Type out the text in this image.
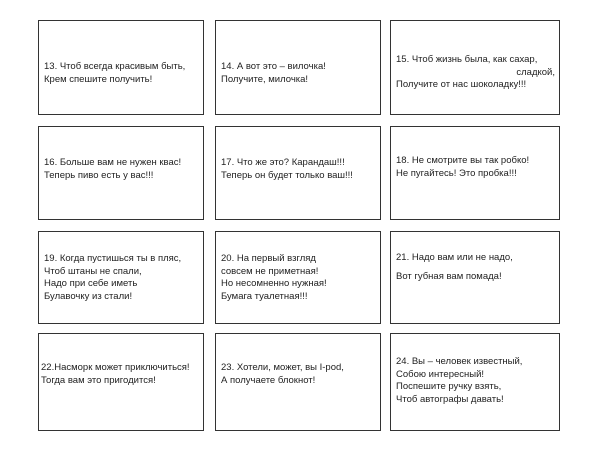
13. Чтоб всегда красивым быть,
Крем спешите получить!
14. А вот это – вилочка!
Получите, милочка!
15. Чтоб жизнь была, как сахар,
сладкой,
Получите от нас шоколадку!!!
16. Больше вам не нужен квас!
Теперь пиво есть у вас!!!
17. Что же это? Карандаш!!!
Теперь он будет только ваш!!!
18. Не смотрите вы так робко!
Не пугайтесь! Это пробка!!!
19. Когда пустишься ты в пляс,
Чтоб штаны не спали,
Надо при себе иметь
Булавочку из стали!
20. На первый взгляд
совсем не приметная!
Но несомненно нужная!
Бумага туалетная!!!
21. Надо вам или не надо,
Вот губная вам помада!
22.Насморк может приключиться!
Тогда вам это пригодится!
23. Хотели, может, вы I-pod,
А получаете блокнот!
24. Вы – человек известный,
Собою интересный!
Поспешите ручку взять,
Чтоб автографы давать!
